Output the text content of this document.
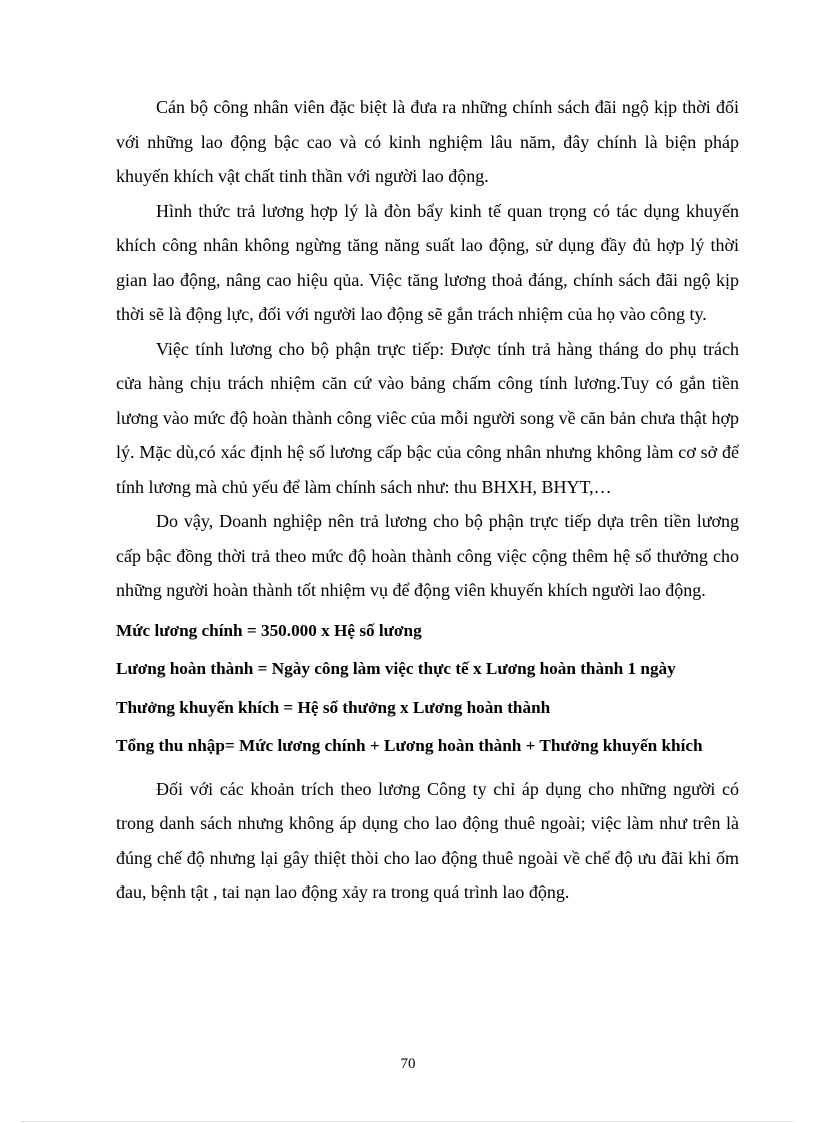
Cán bộ công nhân viên đặc biệt là đưa ra những chính sách đãi ngộ kịp thời đối với những lao động bậc cao và có kinh nghiệm lâu năm, đây chính là biện pháp khuyến khích vật chất tinh thần với người lao động.

Hình thức trả lương hợp lý là đòn bẩy kinh tế quan trọng có tác dụng khuyến khích công nhân không ngừng tăng năng suất lao động, sử dụng đầy đủ hợp lý thời gian lao động, nâng cao hiệu qủa. Việc tăng lương thoả đáng, chính sách đãi ngộ kịp thời sẽ là động lực, đối với người lao động sẽ gắn trách nhiệm của họ vào công ty.

Việc tính lương cho bộ phận trực tiếp: Được tính trả hàng tháng do phụ trách cửa hàng chịu trách nhiệm căn cứ vào bảng chấm công tính lương.Tuy có gắn tiền lương vào mức độ hoàn thành công viêc của mỗi người song về căn bản chưa thật hợp lý. Mặc dù,có xác định hệ số lương cấp bậc của công nhân nhưng không làm cơ sở để tính lương mà chủ yếu để làm chính sách như: thu BHXH, BHYT,…

Do vậy, Doanh nghiệp nên trả lương cho bộ phận trực tiếp dựa trên tiền lương cấp bậc đồng thời trả theo mức độ hoàn thành công việc cộng thêm hệ số thưởng cho những người hoàn thành tốt nhiệm vụ để động viên khuyến khích người lao động.

Mức lương chính = 350.000 x Hệ số lương

Lương hoàn thành = Ngày công làm việc thực tế x Lương hoàn thành 1 ngày

Thưởng khuyến khích = Hệ số thưởng x Lương hoàn thành

Tổng thu nhập= Mức lương chính + Lương hoàn thành + Thưởng khuyến khích

Đối với các khoản trích theo lương Công ty chỉ áp dụng cho những người có trong danh sách nhưng không áp dụng cho lao động thuê ngoài; việc làm như trên là đúng chế độ nhưng lại gây thiệt thòi cho lao động thuê ngoài về chế độ ưu đãi khi ốm đau, bệnh tật , tai nạn lao động xảy ra trong quá trình lao động.

70
